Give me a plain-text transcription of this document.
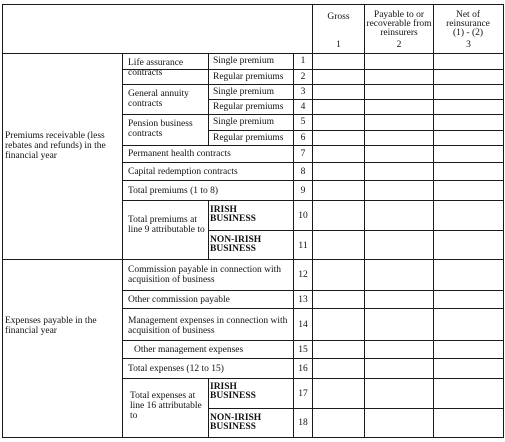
Gross
1
Payable to or recoverable from reinsurers
2
Net of reinsurance (1) - (2)
3
Premiums receivable (less rebates and refunds) in the financial year
Life assurance contracts
Single premium
Regular premiums
General annuity contracts
Single premium
Regular premiums
Pension business contracts
Single premium
Regular premiums
Permanent health contracts
Capital redemption contracts
Total premiums (1 to 8)
Total premiums at line 9 attributable to
IRISH BUSINESS
NON-IRISH BUSINESS
1
2
3
4
5
6
7
8
9
10
11
Expenses payable in the financial year
Commission payable in connection with acquisition of business
Other commission payable
Management expenses in connection with acquisition of business
Other management expenses
Total expenses (12 to 15)
Total expenses at line 16 attributable to
IRISH BUSINESS
NON-IRISH BUSINESS
12
13
14
15
16
17
18
